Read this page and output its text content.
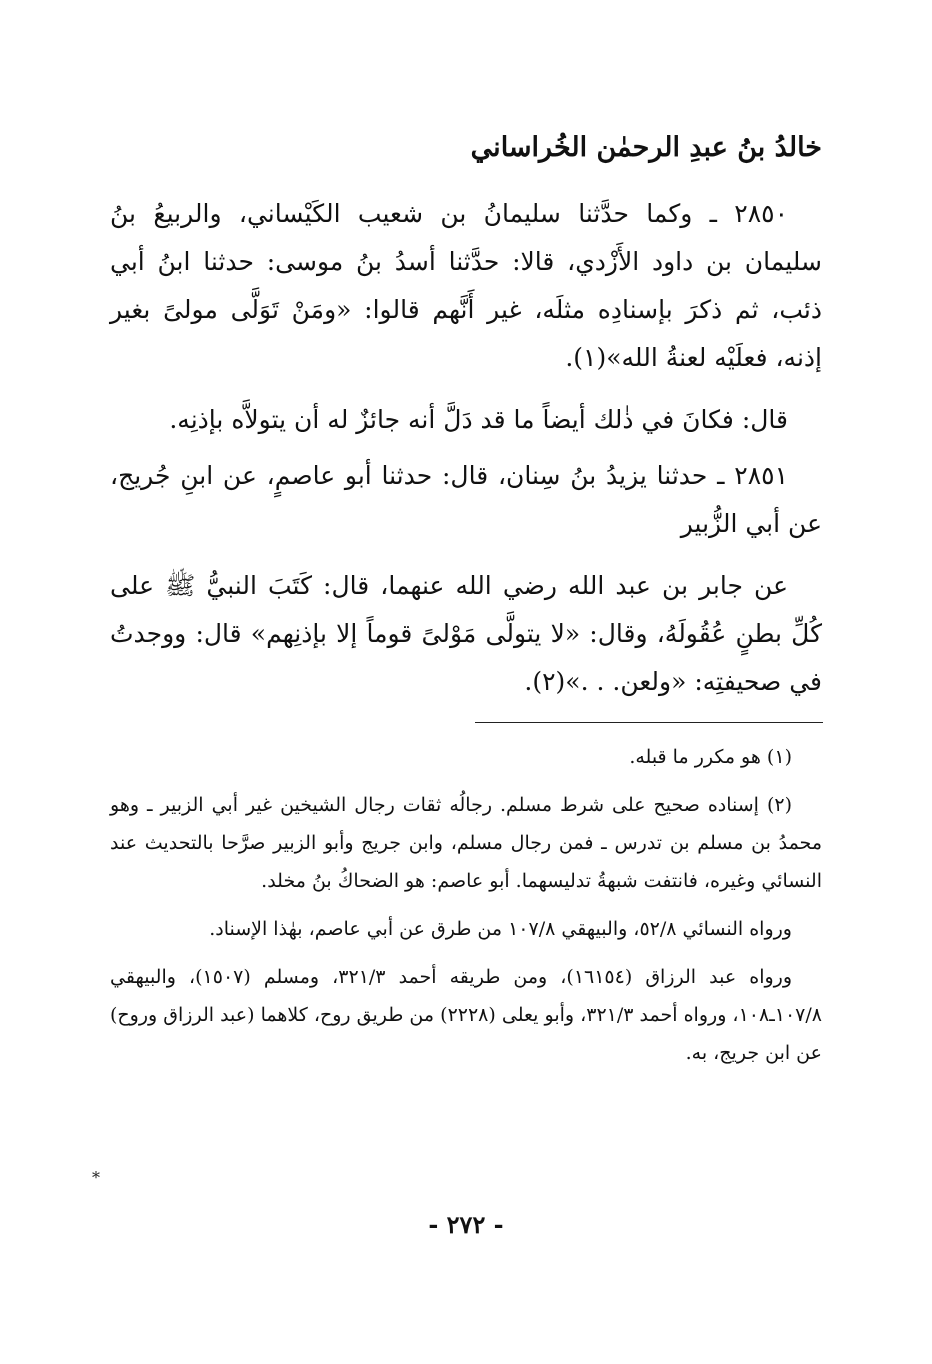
خالدُ بنُ عبدِ الرحمٰن الخُراساني

٢٨٥٠ ـ وكما حدَّثنا سليمانُ بن شعيب الكَيْساني، والربيعُ بنُ سليمان بن داود الأَزْدي، قالا: حدَّثنا أسدُ بنُ موسى: حدثنا ابنُ أبي ذئب، ثم ذكرَ بإسنادِه مثلَه، غير أَنَّهم قالوا: «ومَنْ تَوَلَّى مولىً بغير إذنه، فعلَيْه لعنةُ الله»(١).

قال: فكانَ في ذٰلك أيضاً ما قد دَلَّ أنه جائزٌ له أن يتولاَّه بإذنِه.

٢٨٥١ ـ حدثنا يزيدُ بنُ سِنان، قال: حدثنا أبو عاصمٍ، عن ابنِ جُريج، عن أبي الزُّبير

عن جابر بن عبد الله رضي الله عنهما، قال: كَتَبَ النبيُّ ﷺ على كُلِّ بطنٍ عُقُولَهُ، وقال: «لا يتولَّى مَوْلىً قوماً إلا بإذنِهم» قال: ووجدتُ في صحيفتِه: «ولعن. . .»(٢).

(١) هو مكرر ما قبله.

(٢) إسناده صحيح على شرط مسلم. رجالُه ثقات رجال الشيخين غير أبي الزبير ـ وهو محمدُ بن مسلم بن تدرس ـ فمن رجال مسلم، وابن جريج وأبو الزبير صرَّحا بالتحديث عند النسائي وغيره، فانتفت شبهةُ تدليسهما. أبو عاصم: هو الضحاكُ بنُ مخلد.

ورواه النسائي ٥٢/٨، والبيهقي ١٠٧/٨ من طرق عن أبي عاصم، بهٰذا الإسناد.

ورواه عبد الرزاق (١٦١٥٤)، ومن طريقه أحمد ٣٢١/٣، ومسلم (١٥٠٧)، والبيهقي ١٠٧/٨ـ١٠٨، ورواه أحمد ٣٢١/٣، وأبو يعلى (٢٢٢٨) من طريق روح، كلاهما (عبد الرزاق وروح) عن ابن جريج، به.

*
- ٢٧٢ -
